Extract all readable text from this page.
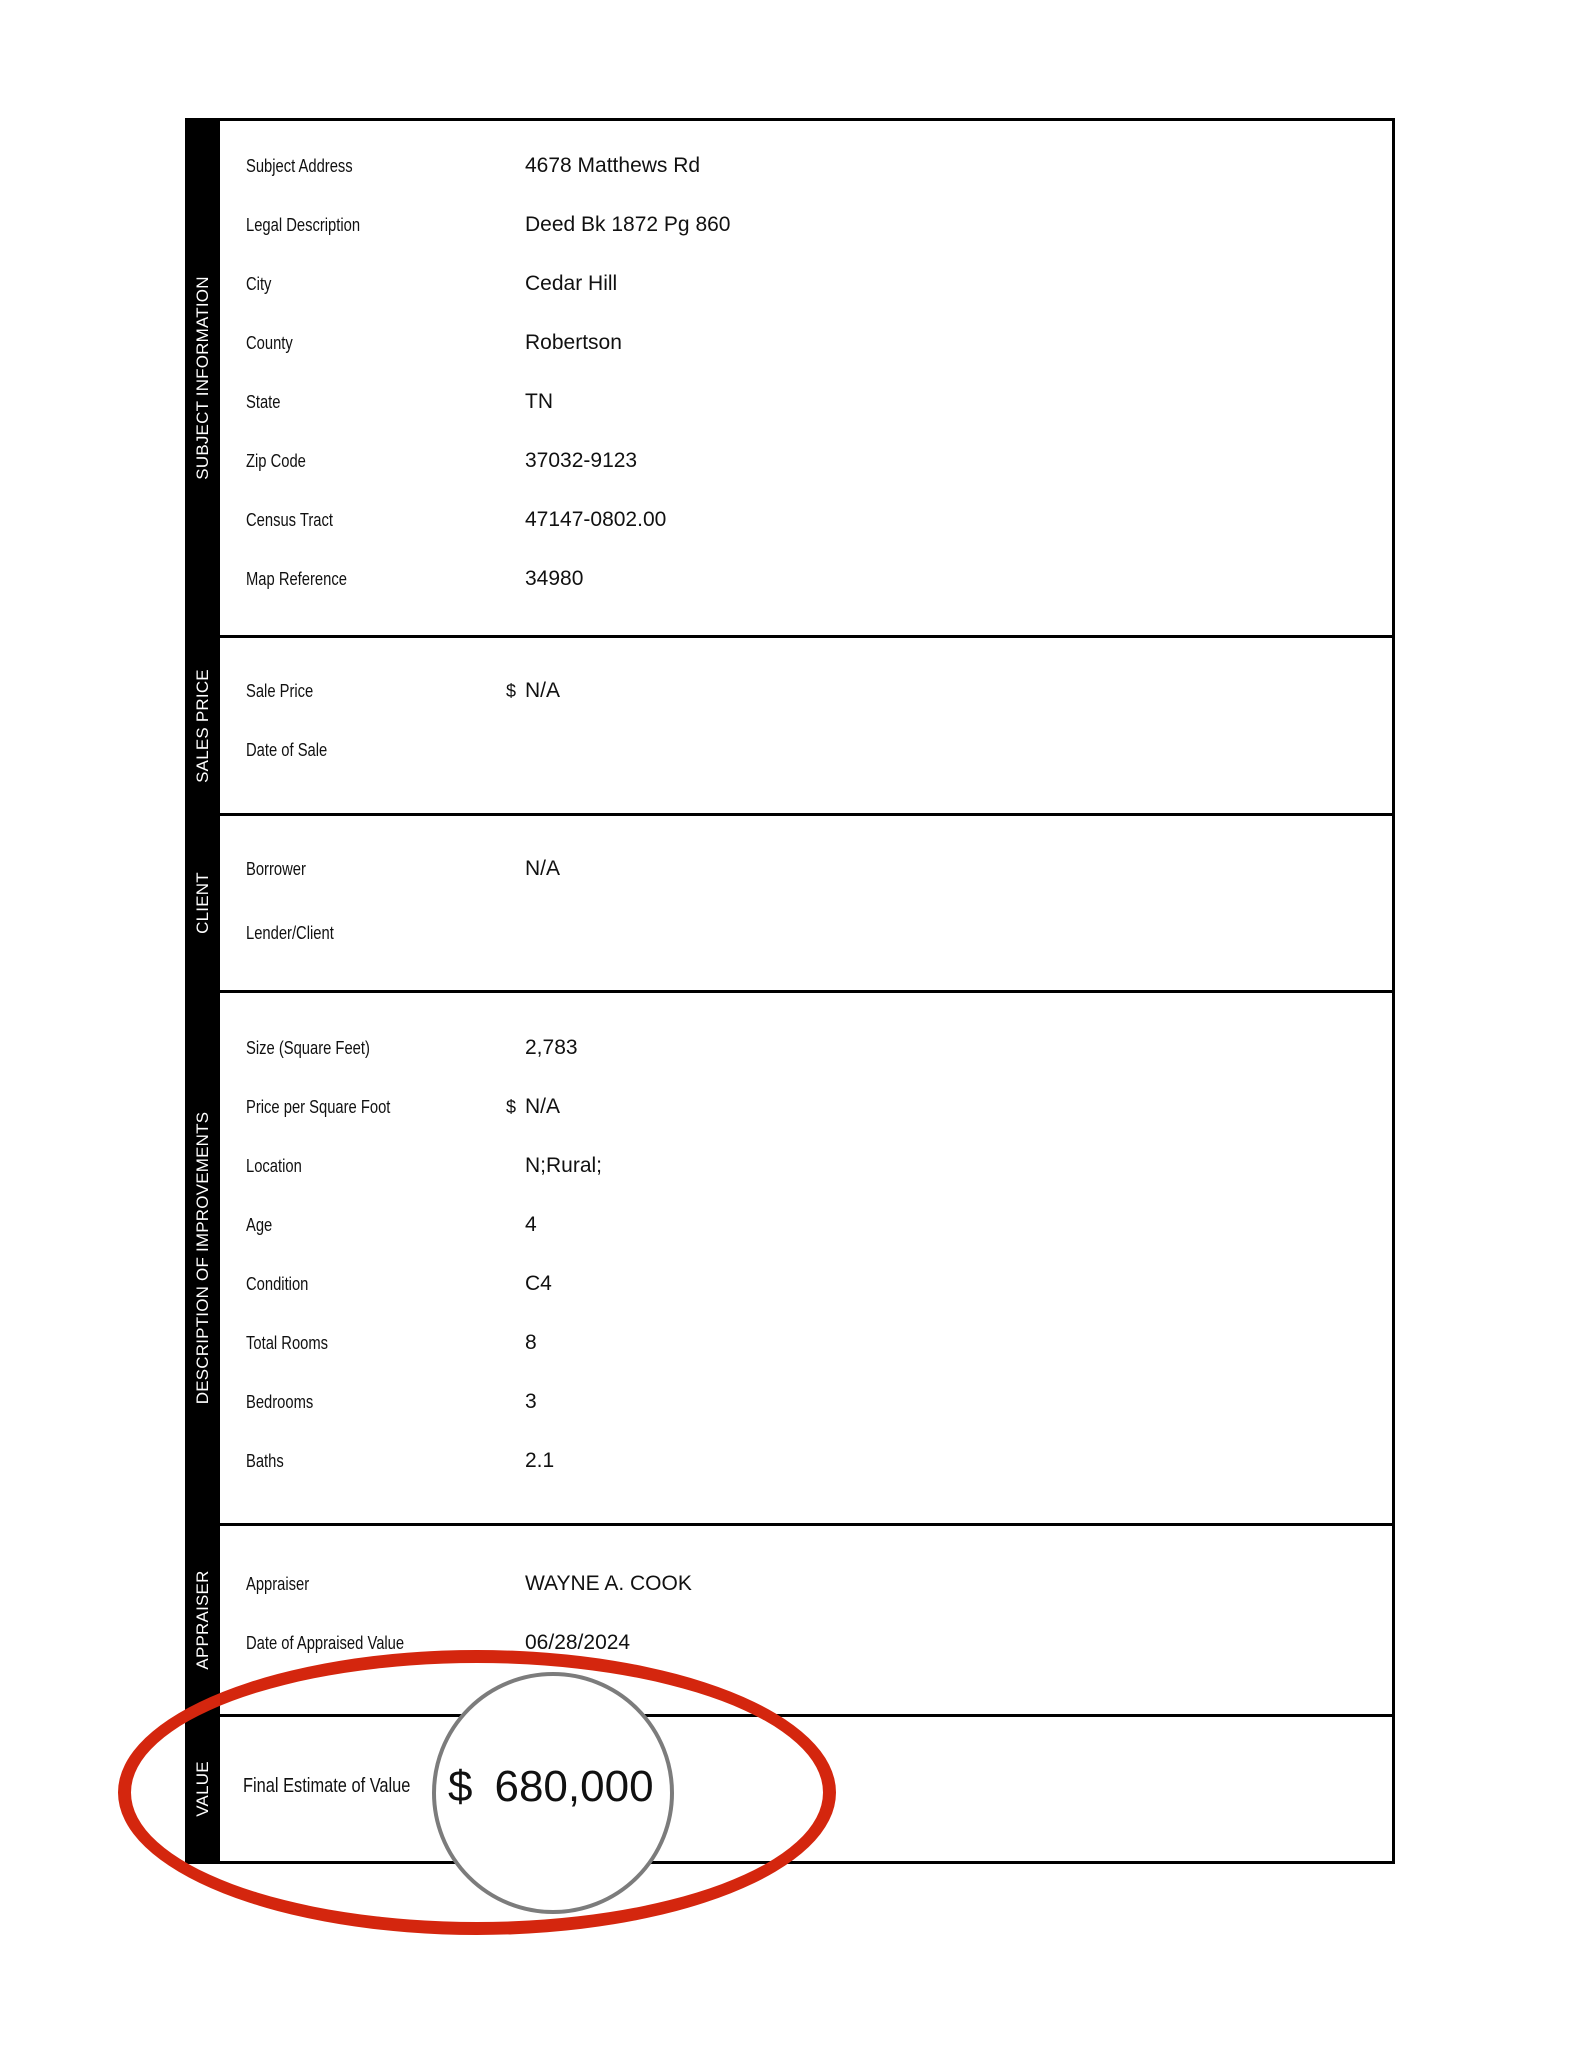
SUBJECT INFORMATION
Subject Address	4678 Matthews Rd
Legal Description	Deed Bk 1872 Pg 860
City	Cedar Hill
County	Robertson
State	TN
Zip Code	37032-9123
Census Tract	47147-0802.00
Map Reference	34980
SALES PRICE Sale Price	$ N/A
Date of Sale
CLIENT
Borrower	N/A
Lender/Client
DESCRIPTION OF IMPROVEMENTS
Size (Square Feet)	2,783
Price per Square Foot	$ N/A
Location	N;Rural;
Age	4
Condition	C4
Total Rooms	8
Bedrooms	3
Baths	2.1
APPRAISER Appraiser	WAYNE A. COOK
Date of Appraised Value	06/28/2024
VALUE Final Estimate of Value $ 680,000
